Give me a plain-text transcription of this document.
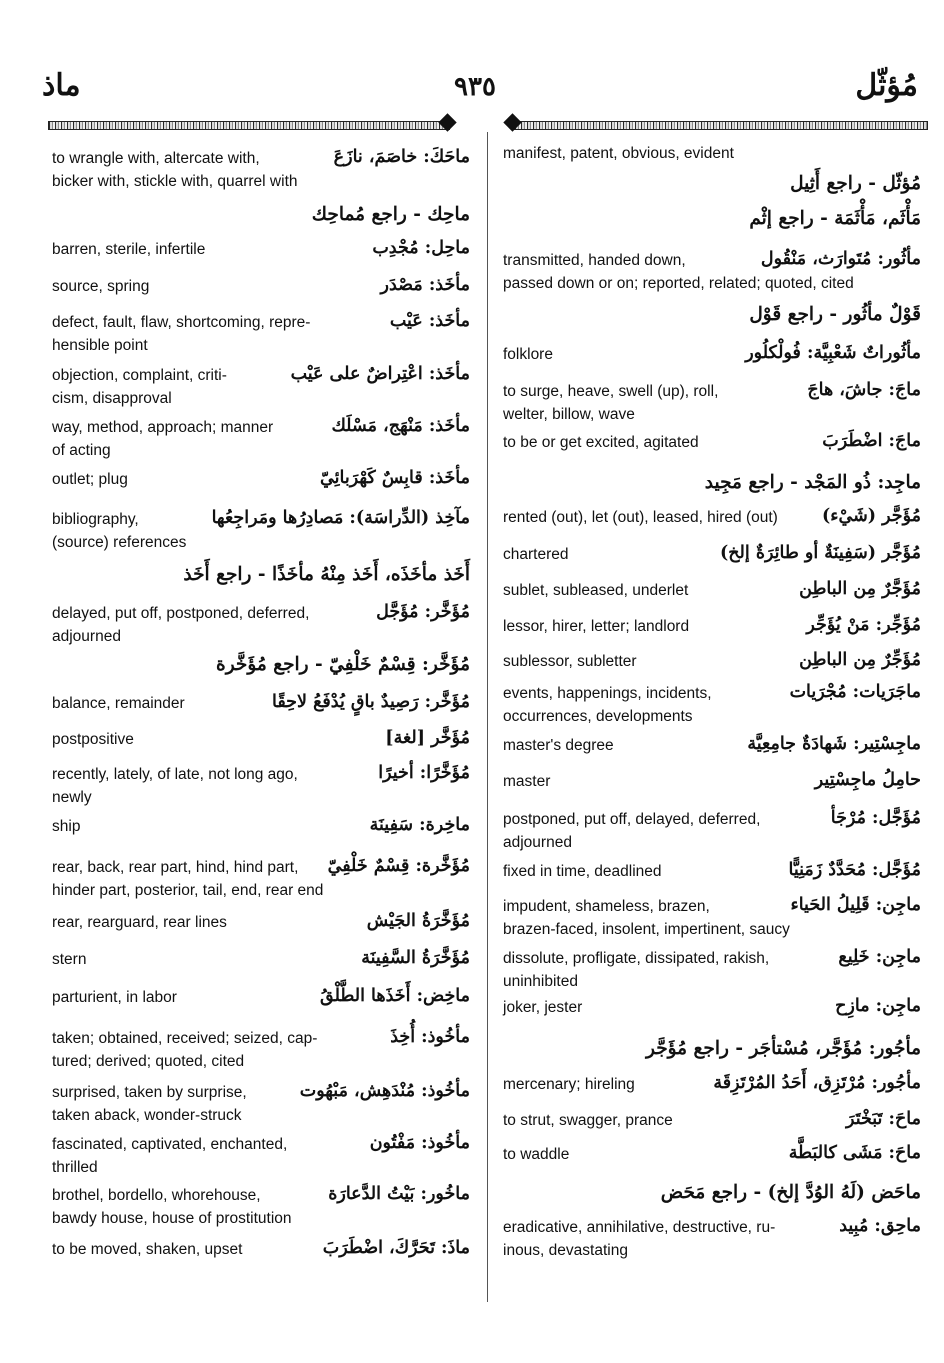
مُؤثّل
٩٣٥
ماذ
to wrangle with, altercate with,
bicker with, stickle with, quarrel with
ماحَكَ: خاصَمَ، نازَعَ
ماحِك - راجع مُماحِك
barren, sterile, infertile	ماحِل: مُجْدِب
source, spring	مأخَذ: مَصْدَر
defect, fault, flaw, shortcoming, repre-
hensible point
مأخَذ: عَيْب
objection, complaint, criti-
cism, disapproval
مأخَذ: اعْتِراضٌ على عَيْب
way, method, approach; manner
of acting
مأخَذ: مَنْهَج، مَسْلَك
outlet; plug	مأخَذ: قابِسٌ كَهْرَبائِيّ
bibliography,
(source) references
مآخِذ (الدِّراسَة): مَصادِرُها ومَراجِعُها
أَخَذ مأخَذَه، أَخَذ مِنْهُ مأخَذًا - راجع أَخَذ
delayed, put off, postponed, deferred,
adjourned
مُؤَخَّر: مُؤَجَّل
مُؤَخَّر: قِسْمٌ خَلْفِيّ - راجع مُؤَخَّرة
balance, remainder	مُؤَخَّر: رَصِيدٌ باقٍ يُدْفَعُ لاحِقًا
postpositive	مُؤَخَّر [لغة]
recently, lately, of late, not long ago,
newly
مُؤَخَّرًا: أخيرًا
ship	ماخِرة: سَفِينَة
rear, back, rear part, hind, hind part,
hinder part, posterior, tail, end, rear end
مُؤَخَّرة: قِسْمٌ خَلْفِيّ
rear, rearguard, rear lines	مُؤَخَّرَةُ الجَيْش
stern	مُؤَخَّرَةُ السَّفِينَة
parturient, in labor	ماخِض: أَخَذَها الطَّلْقُ
taken; obtained, received; seized, cap-
tured; derived; quoted, cited
مأخُوذ: أُخِذَ
surprised, taken by surprise,
taken aback, wonder-struck
مأخُوذ: مُنْدَهِش، مَبْهُوت
fascinated, captivated, enchanted,
thrilled
مأخُوذ: مَفْتُون
brothel, bordello, whorehouse,
bawdy house, house of prostitution
ماخُور: بَيْتُ الدَّعارَة
to be moved, shaken, upset	ماذَ: تَحَرَّكَ، اضْطَرَبَ
manifest, patent, obvious, evident
مُؤثّل - راجع أَثِيل
مَأْثَم، مَأْثَمَة - راجع إثْم
transmitted, handed down,
passed down or on; reported, related; quoted, cited
مأثُور: مُتَوارَث، مَنْقُول
قَوْلٌ مأثُور - راجع قَوْل
folklore	مأثُوراتٌ شَعْبِيَّة: فُولْكلُور
to surge, heave, swell (up), roll,
welter, billow, wave
ماجَ: جاشَ، هاجَ
to be or get excited, agitated	ماجَ: اضْطَرَبَ
ماجِد: ذُو المَجْد - راجع مَجِيد
rented (out), let (out), leased, hired (out)	مُؤَجَّر (شَيْء)
chartered	مُؤَجَّر (سَفِينَةٌ أو طائِرَةٌ إلخ)
sublet, subleased, underlet	مُؤَجَّرٌ مِن الباطِن
lessor, hirer, letter; landlord	مُؤَجِّر: مَنْ يُؤَجِّر
sublessor, subletter	مُؤَجِّرٌ مِن الباطِن
events, happenings, incidents,
occurrences, developments
ماجَرَيات: مُجْرَيات
master's degree	ماجِسْتِير: شَهادَةٌ جامِعِيَّة
master	حامِلُ ماجِسْتِير
postponed, put off, delayed, deferred,
adjourned
مُؤَجَّل: مُرْجَأ
fixed in time, deadlined	مُؤَجَّل: مُحَدَّدٌ زَمَنِيًّا
impudent, shameless, brazen,
brazen-faced, insolent, impertinent, saucy
ماجِن: قَلِيلُ الحَياء
dissolute, profligate, dissipated, rakish,
uninhibited
ماجِن: خَلِيع
joker, jester	ماجِن: مازِح
مأجُور: مُؤَجَّر، مُسْتأجَر - راجع مُؤَجَّر
mercenary; hireling	مأجُور: مُرْتَزِق، أَحَدُ المُرْتَزِقَة
to strut, swagger, prance	ماحَ: تَبَخْتَرَ
to waddle	ماحَ: مَشَى كالبَطَّة
ماحَض (لَهُ الوُدَّ إلخ) - راجع مَحَض
eradicative, annihilative, destructive, ru-
inous, devastating
ماحِق: مُبِيد
